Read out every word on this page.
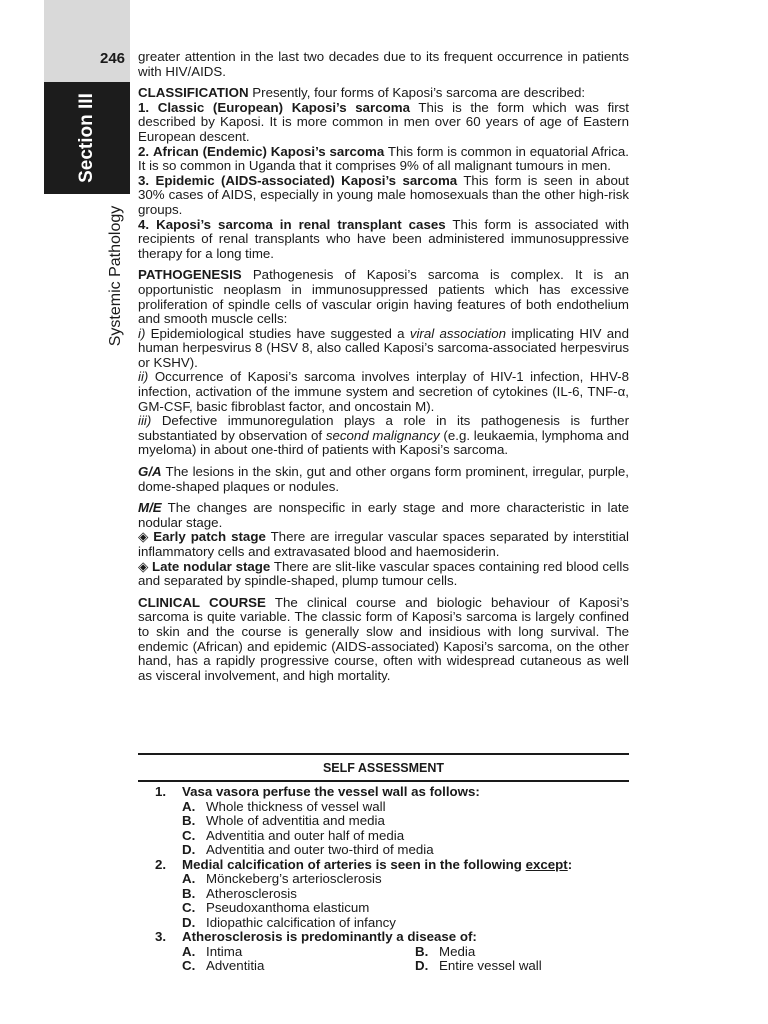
246
Section III
Systemic Pathology

greater attention in the last two decades due to its frequent occurrence in patients with HIV/AIDS.

CLASSIFICATION Presently, four forms of Kaposi’s sarcoma are described:

1. Classic (European) Kaposi’s sarcoma This is the form which was first described by Kaposi. It is more common in men over 60 years of age of Eastern European descent.

2. African (Endemic) Kaposi’s sarcoma This form is common in equatorial Africa. It is so common in Uganda that it comprises 9% of all malignant tumours in men.

3. Epidemic (AIDS-associated) Kaposi’s sarcoma This form is seen in about 30% cases of AIDS, especially in young male homosexuals than the other high-risk groups.

4. Kaposi’s sarcoma in renal transplant cases This form is associated with recipients of renal transplants who have been administered immunosuppressive therapy for a long time.

PATHOGENESIS Pathogenesis of Kaposi’s sarcoma is complex. It is an opportunistic neoplasm in immunosuppressed patients which has excessive proliferation of spindle cells of vascular origin having features of both endothelium and smooth muscle cells:

i) Epidemiological studies have suggested a viral association implicating HIV and human herpesvirus 8 (HSV 8, also called Kaposi’s sarcoma-associated herpesvirus or KSHV).

ii) Occurrence of Kaposi’s sarcoma involves interplay of HIV-1 infection, HHV-8 infection, activation of the immune system and secretion of cytokines (IL-6, TNF-α, GM-CSF, basic fibroblast factor, and oncostain M).

iii) Defective immunoregulation plays a role in its pathogenesis is further substantiated by observation of second malignancy (e.g. leukaemia, lymphoma and myeloma) in about one-third of patients with Kaposi’s sarcoma.

G/A The lesions in the skin, gut and other organs form prominent, irregular, purple, dome-shaped plaques or nodules.

M/E The changes are nonspecific in early stage and more characteristic in late nodular stage.

◈ Early patch stage There are irregular vascular spaces separated by interstitial inflammatory cells and extravasated blood and haemosiderin.

◈ Late nodular stage There are slit-like vascular spaces containing red blood cells and separated by spindle-shaped, plump tumour cells.

CLINICAL COURSE The clinical course and biologic behaviour of Kaposi’s sarcoma is quite variable. The classic form of Kaposi’s sarcoma is largely confined to skin and the course is generally slow and insidious with long survival. The endemic (African) and epidemic (AIDS-associated) Kaposi’s sarcoma, on the other hand, has a rapidly progressive course, often with widespread cutaneous as well as visceral involvement, and high mortality.

SELF ASSESSMENT
1.	Vasa vasora perfuse the vessel wall as follows:
A. Whole thickness of vessel wall
B. Whole of adventitia and media
C. Adventitia and outer half of media
D. Adventitia and outer two-third of media
2.	Medial calcification of arteries is seen in the following except:
A. Mönckeberg’s arteriosclerosis
B. Atherosclerosis
C. Pseudoxanthoma elasticum
D. Idiopathic calcification of infancy
3.	Atherosclerosis is predominantly a disease of:
A. Intima	B. Media
C. Adventitia	D. Entire vessel wall
